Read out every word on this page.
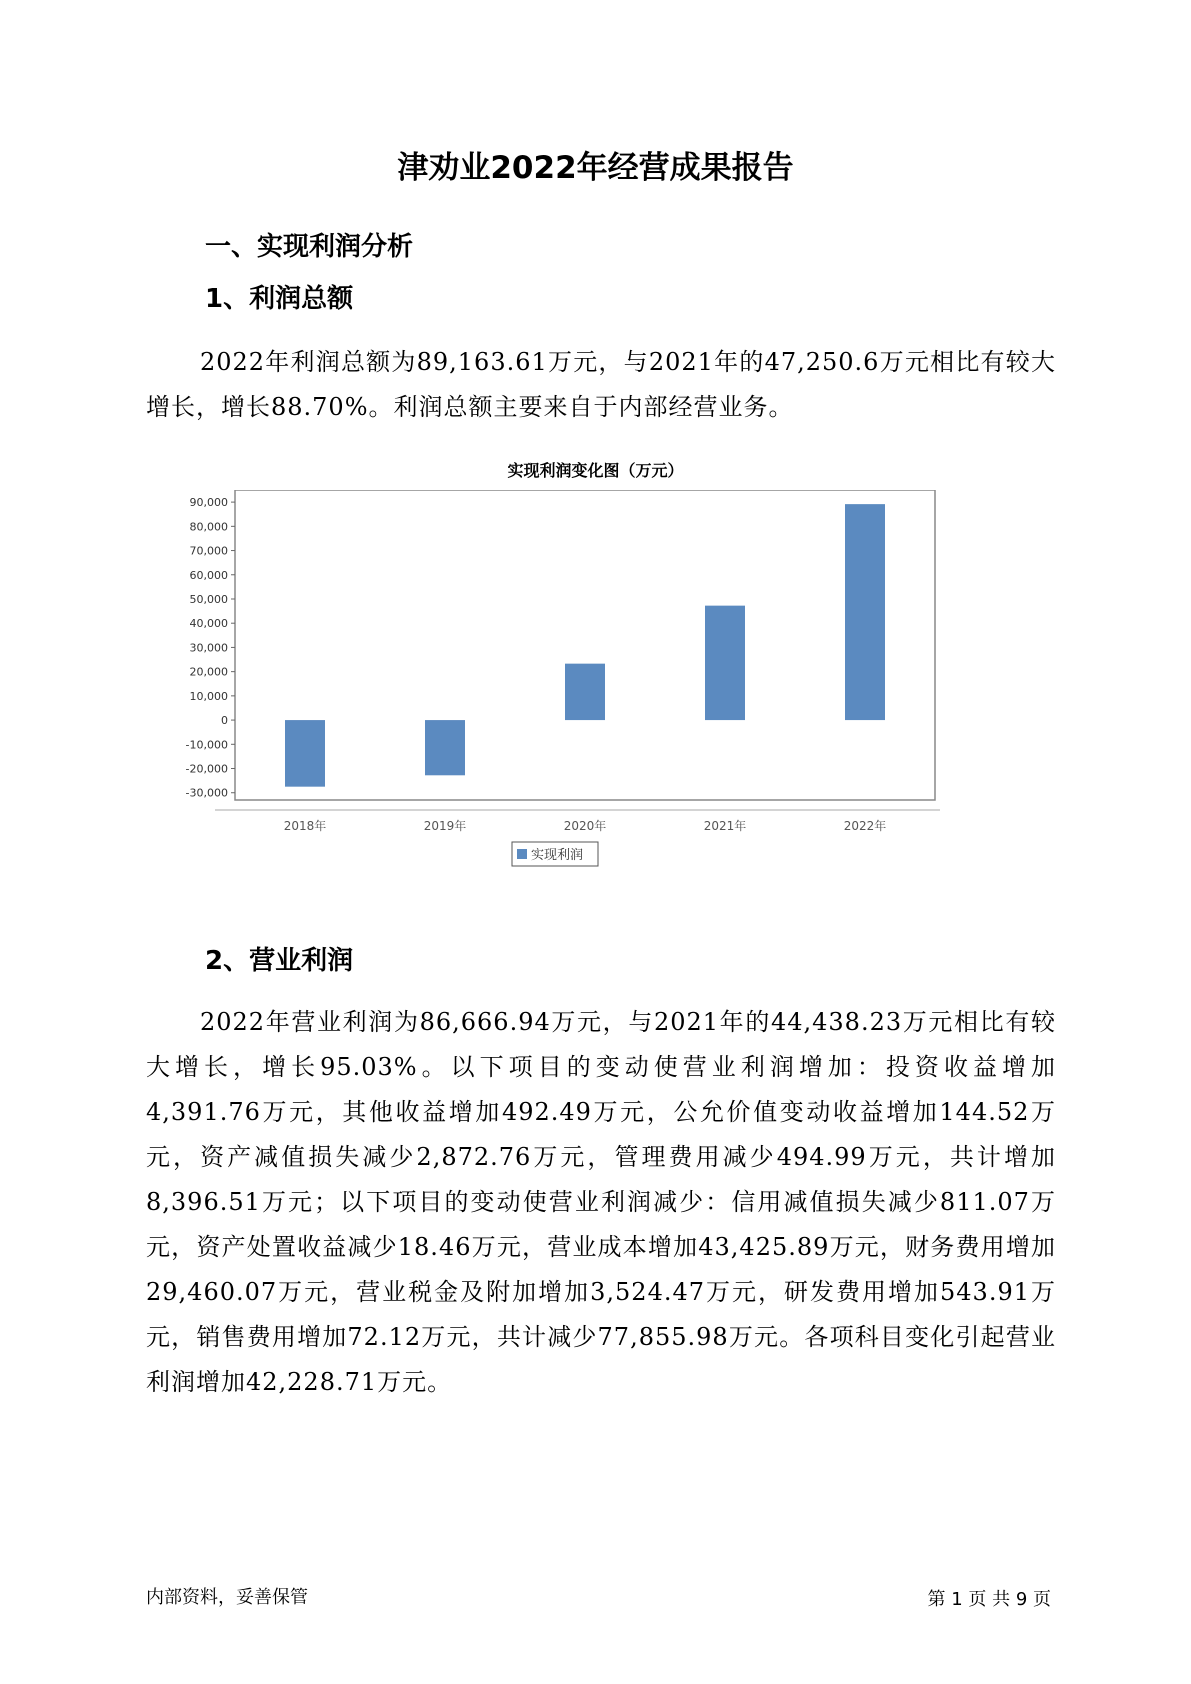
津劝业2022年经营成果报告
一、实现利润分析
1、利润总额

2022年利润总额为89,163.61万元，与2021年的47,250.6万元相比有较大增长，增长88.70%。利润总额主要来自于内部经营业务。

实现利润变化图（万元）
90,000
80,000
70,000
60,000
50,000
40,000
30,000
20,000
10,000
0
-10,000
-20,000
-30,000
2018年	2019年	2020年	2021年	2022年
实现利润
2、营业利润

2022年营业利润为86,666.94万元，与2021年的44,438.23万元相比有较大增长，增长95.03%。以下项目的变动使营业利润增加：投资收益增加4,391.76万元，其他收益增加492.49万元，公允价值变动收益增加144.52万元，资产减值损失减少2,872.76万元，管理费用减少494.99万元，共计增加8,396.51万元；以下项目的变动使营业利润减少：信用减值损失减少811.07万元，资产处置收益减少18.46万元，营业成本增加43,425.89万元，财务费用增加29,460.07万元，营业税金及附加增加3,524.47万元，研发费用增加543.91万元，销售费用增加72.12万元，共计减少77,855.98万元。各项科目变化引起营业利润增加42,228.71万元。

内部资料，妥善保管	第 1 页 共 9 页
